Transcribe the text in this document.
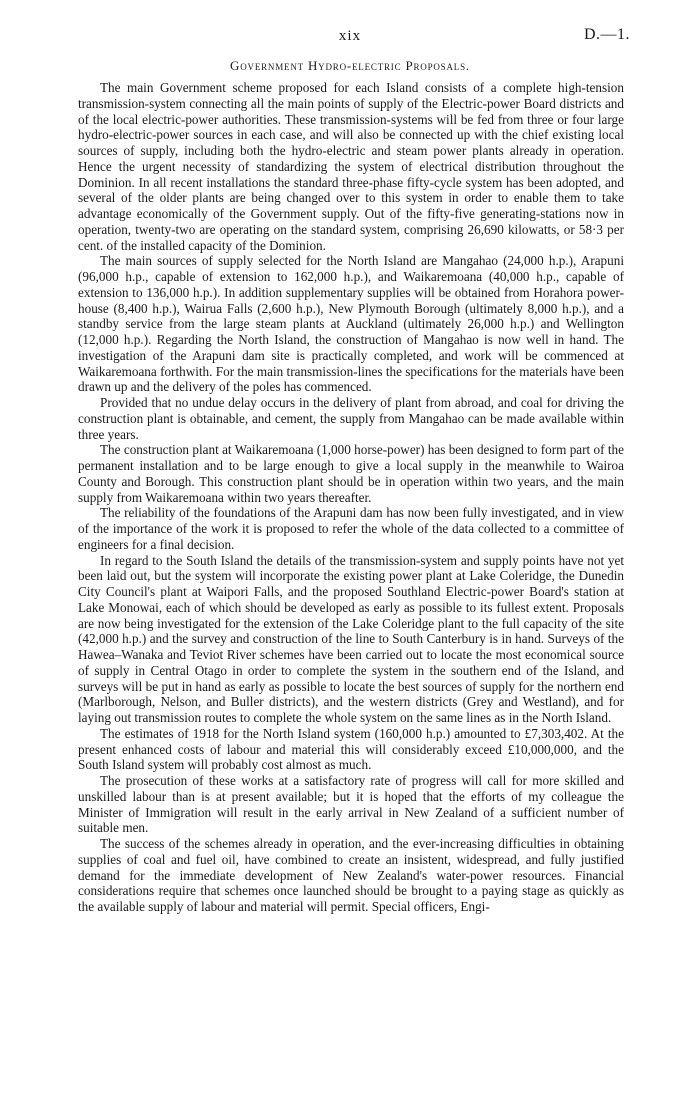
xix	D.—1.
Government Hydro-electric Proposals.

The main Government scheme proposed for each Island consists of a complete high-tension transmission-system connecting all the main points of supply of the Electric-power Board districts and of the local electric-power authorities. These transmission-systems will be fed from three or four large hydro-electric-power sources in each case, and will also be connected up with the chief existing local sources of supply, including both the hydro-electric and steam power plants already in operation. Hence the urgent necessity of standardizing the system of electrical distribution throughout the Dominion. In all recent installations the standard three-phase fifty-cycle system has been adopted, and several of the older plants are being changed over to this system in order to enable them to take advantage economically of the Government supply. Out of the fifty-five generating-stations now in operation, twenty-two are operating on the standard system, comprising 26,690 kilowatts, or 58·3 per cent. of the installed capacity of the Dominion.

The main sources of supply selected for the North Island are Mangahao (24,000 h.p.), Arapuni (96,000 h.p., capable of extension to 162,000 h.p.), and Waikaremoana (40,000 h.p., capable of extension to 136,000 h.p.). In addition supplementary supplies will be obtained from Horahora power-house (8,400 h.p.), Wairua Falls (2,600 h.p.), New Plymouth Borough (ultimately 8,000 h.p.), and a standby service from the large steam plants at Auckland (ultimately 26,000 h.p.) and Wellington (12,000 h.p.). Regarding the North Island, the construction of Mangahao is now well in hand. The investigation of the Arapuni dam site is practically completed, and work will be commenced at Waikaremoana forthwith. For the main transmission-lines the specifications for the materials have been drawn up and the delivery of the poles has commenced.

Provided that no undue delay occurs in the delivery of plant from abroad, and coal for driving the construction plant is obtainable, and cement, the supply from Mangahao can be made available within three years.

The construction plant at Waikaremoana (1,000 horse-power) has been designed to form part of the permanent installation and to be large enough to give a local supply in the meanwhile to Wairoa County and Borough. This construction plant should be in operation within two years, and the main supply from Waikaremoana within two years thereafter.

The reliability of the foundations of the Arapuni dam has now been fully investigated, and in view of the importance of the work it is proposed to refer the whole of the data collected to a committee of engineers for a final decision.

In regard to the South Island the details of the transmission-system and supply points have not yet been laid out, but the system will incorporate the existing power plant at Lake Coleridge, the Dunedin City Council's plant at Waipori Falls, and the proposed Southland Electric-power Board's station at Lake Monowai, each of which should be developed as early as possible to its fullest extent. Proposals are now being investigated for the extension of the Lake Coleridge plant to the full capacity of the site (42,000 h.p.) and the survey and construction of the line to South Canterbury is in hand. Surveys of the Hawea–Wanaka and Teviot River schemes have been carried out to locate the most economical source of supply in Central Otago in order to complete the system in the southern end of the Island, and surveys will be put in hand as early as possible to locate the best sources of supply for the northern end (Marlborough, Nelson, and Buller districts), and the western districts (Grey and Westland), and for laying out transmission routes to complete the whole system on the same lines as in the North Island.

The estimates of 1918 for the North Island system (160,000 h.p.) amounted to £7,303,402. At the present enhanced costs of labour and material this will considerably exceed £10,000,000, and the South Island system will probably cost almost as much.

The prosecution of these works at a satisfactory rate of progress will call for more skilled and unskilled labour than is at present available; but it is hoped that the efforts of my colleague the Minister of Immigration will result in the early arrival in New Zealand of a sufficient number of suitable men.

The success of the schemes already in operation, and the ever-increasing difficulties in obtaining supplies of coal and fuel oil, have combined to create an insistent, widespread, and fully justified demand for the immediate development of New Zealand's water-power resources. Financial considerations require that schemes once launched should be brought to a paying stage as quickly as the available supply of labour and material will permit. Special officers, Engi-
